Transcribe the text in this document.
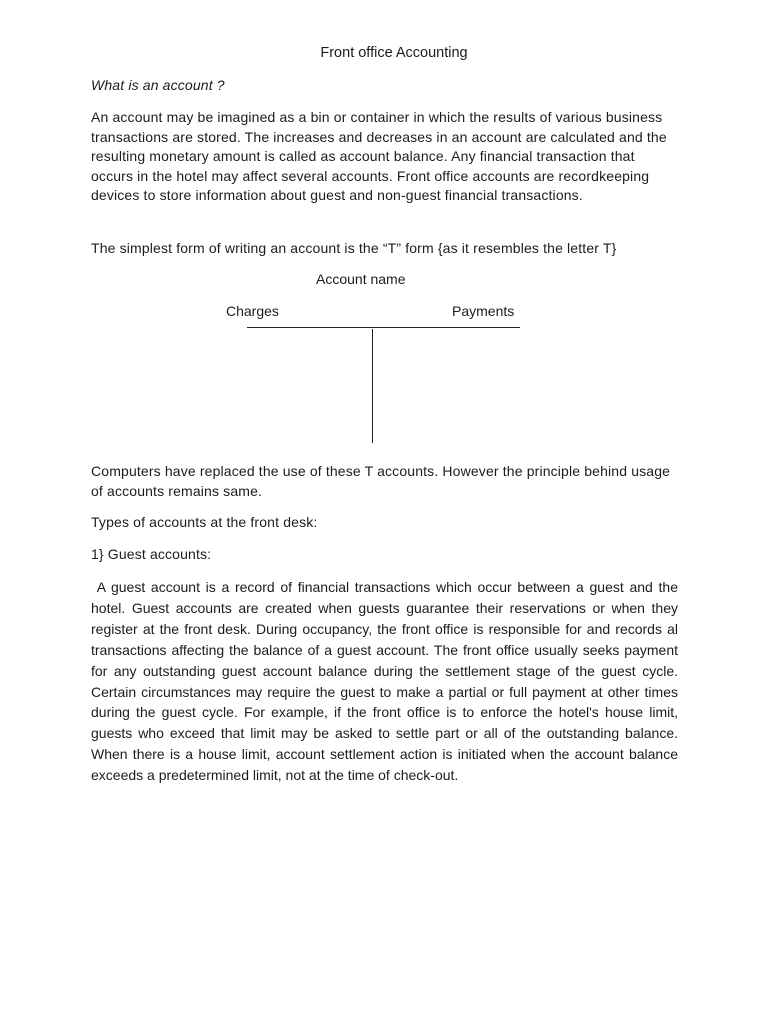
Front office Accounting

What is an account ?

An account may be imagined as a bin or container in which the results of various business transactions are stored. The increases and decreases in an account are calculated and the resulting monetary amount is called as account balance. Any financial transaction that occurs in the hotel may affect several accounts. Front office accounts are recordkeeping devices to store information about guest and non-guest financial transactions.

The simplest form of writing an account is the “T” form {as it resembles the letter T}

Account name
Charges	Payments

Computers have replaced the use of these T accounts. However the principle behind usage of accounts remains same.

Types of accounts at the front desk:

1} Guest accounts:

A guest account is a record of financial transactions which occur between a guest and the hotel. Guest accounts are created when guests guarantee their reservations or when they register at the front desk. During occupancy, the front office is responsible for and records al transactions affecting the balance of a guest account. The front office usually seeks payment for any outstanding guest account balance during the settlement stage of the guest cycle. Certain circumstances may require the guest to make a partial or full payment at other times during the guest cycle. For example, if the front office is to enforce the hotel's house limit, guests who exceed that limit may be asked to settle part or all of the outstanding balance. When there is a house limit, account settlement action is initiated when the account balance exceeds a predetermined limit, not at the time of check-out.
